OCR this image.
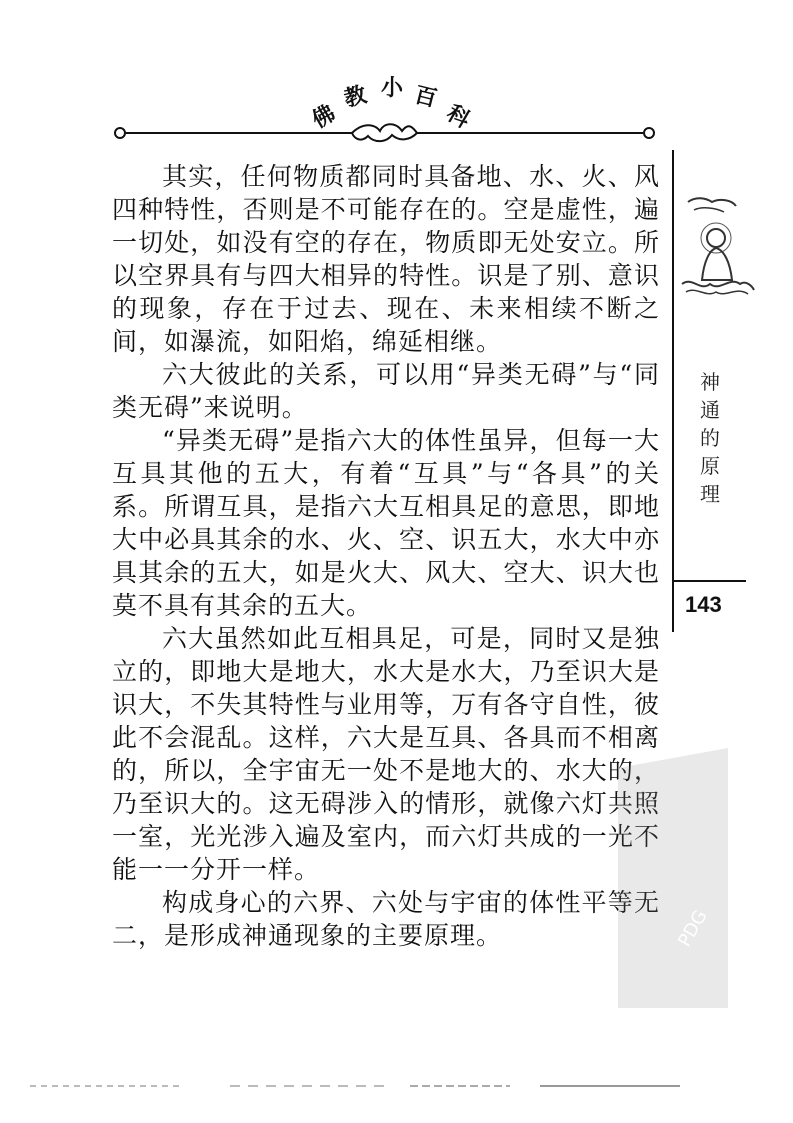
佛
教 小 百
科

其实，任何物质都同时具备地、水、火、风四种特性，否则是不可能存在的。空是虚性，遍一切处，如没有空的存在，物质即无处安立。所以空界具有与四大相异的特性。识是了别、意识的现象，存在于过去、现在、未来相续不断之间，如瀑流，如阳焰，绵延相继。

六大彼此的关系，可以用“异类无碍”与“同类无碍”来说明。

“异类无碍”是指六大的体性虽异，但每一大互具其他的五大，有着“互具”与“各具”的关系。所谓互具，是指六大互相具足的意思，即地大中必具其余的水、火、空、识五大，水大中亦具其余的五大，如是火大、风大、空大、识大也莫不具有其余的五大。

六大虽然如此互相具足，可是，同时又是独立的，即地大是地大，水大是水大，乃至识大是识大，不失其特性与业用等，万有各守自性，彼此不会混乱。这样，六大是互具、各具而不相离的，所以，全宇宙无一处不是地大的、水大的，乃至识大的。这无碍涉入的情形，就像六灯共照一室，光光涉入遍及室内，而六灯共成的一光不能一一分开一样。

构成身心的六界、六处与宇宙的体性平等无二，是形成神通现象的主要原理。

神
通
的
原
理
143
PDG
